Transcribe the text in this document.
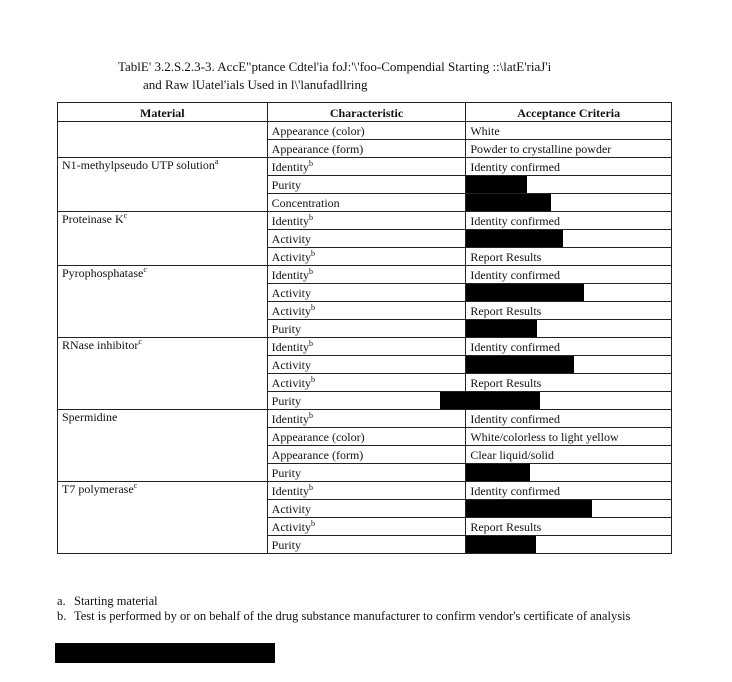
TablE' 3.2.S.2.3-3. AccE"ptance Cdtel'ia foJ:'\'foo-Compendial Starting ::\latE'riaJ'i
and Raw lUatel'ials Used in l\'lanufadllring
Material	Characteristic	Acceptance Criteria
	Appearance (color)	White
	Appearance (form)	Powder to crystalline powder
N1-methylpseudo UTP solution$^a$	Identity$^b$	Identity confirmed
	Purity	

	Concentration	

Proteinase $K^c$	Identity$^b$	Identity confirmed
	Activity	

	Activity$^b$	Report Results
Pyrophosphatase$^c$	Identity$^b$	Identity confirmed
	Activity	

	Activity$^b$	Report Results
	Purity	

RNase inhibitor$^c$	Identity$^b$	Identity confirmed
	Activity	

	Activity$^b$	Report Results
	Purity	

Spermidine	Identity$^b$	Identity confirmed
	Appearance (color)	White/colorless to light yellow
	Appearance (form)	Clear liquid/solid
	Purity	

T7 polymerase$^c$	Identity$^b$	Identity confirmed
	Activity	

	Activity$^b$	Report Results
	Purity	
a. Starting material
b. Test is performed by or on behalf of the drug substance manufacturer to confirm vendor's certificate of analysis
